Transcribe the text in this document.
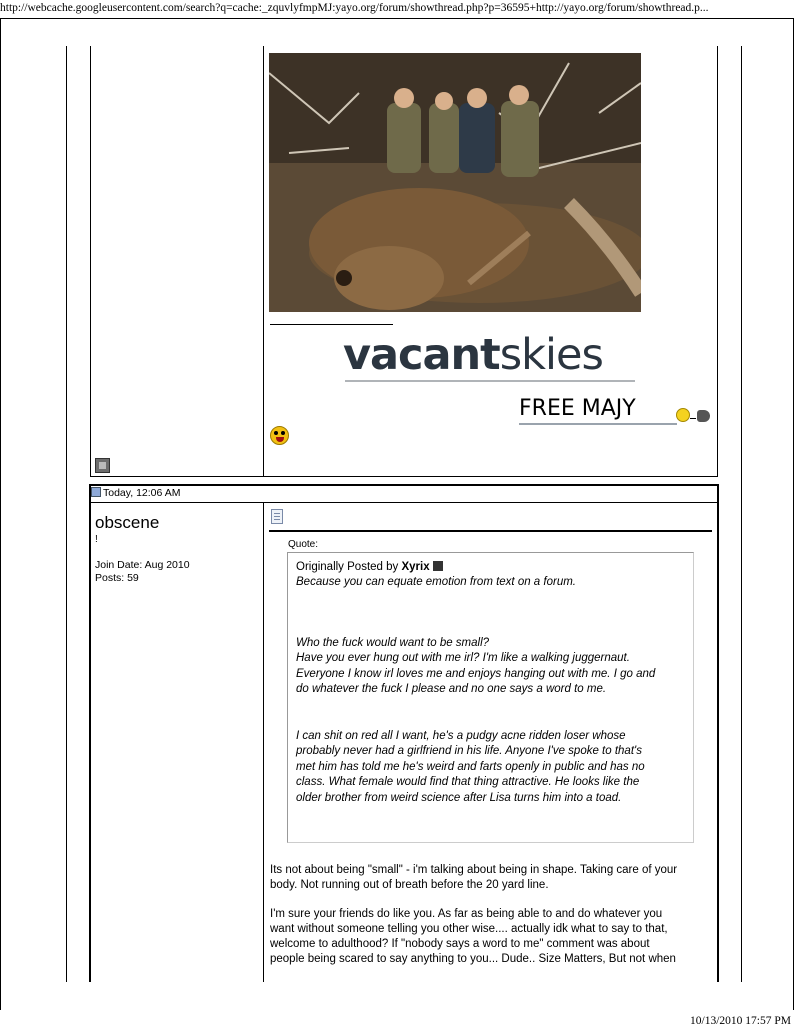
http://webcache.googleusercontent.com/search?q=cache:_zquvlyfmpMJ:yayo.org/forum/showthread.php?p=36595+http://yayo.org/forum/showthread.p...
vacantskies
FREE MAJY
Today, 12:06 AM
obscene
!
Join Date: Aug 2010
Posts: 59
Quote:
Originally Posted by Xyrix
Because you can equate emotion from text on a forum.
Who the fuck would want to be small?
Have you ever hung out with me irl? I'm like a walking juggernaut.
Everyone I know irl loves me and enjoys hanging out with me. I go and
do whatever the fuck I please and no one says a word to me.
I can shit on red all I want, he's a pudgy acne ridden loser whose
probably never had a girlfriend in his life. Anyone I've spoke to that's
met him has told me he's weird and farts openly in public and has no
class. What female would find that thing attractive. He looks like the
older brother from weird science after Lisa turns him into a toad.
Its not about being "small" - i'm talking about being in shape. Taking care of your
body. Not running out of breath before the 20 yard line.
I'm sure your friends do like you. As far as being able to and do whatever you
want without someone telling you other wise.... actually idk what to say to that,
welcome to adulthood? If "nobody says a word to me" comment was about
people being scared to say anything to you... Dude.. Size Matters, But not when
10/13/2010 17:57 PM
